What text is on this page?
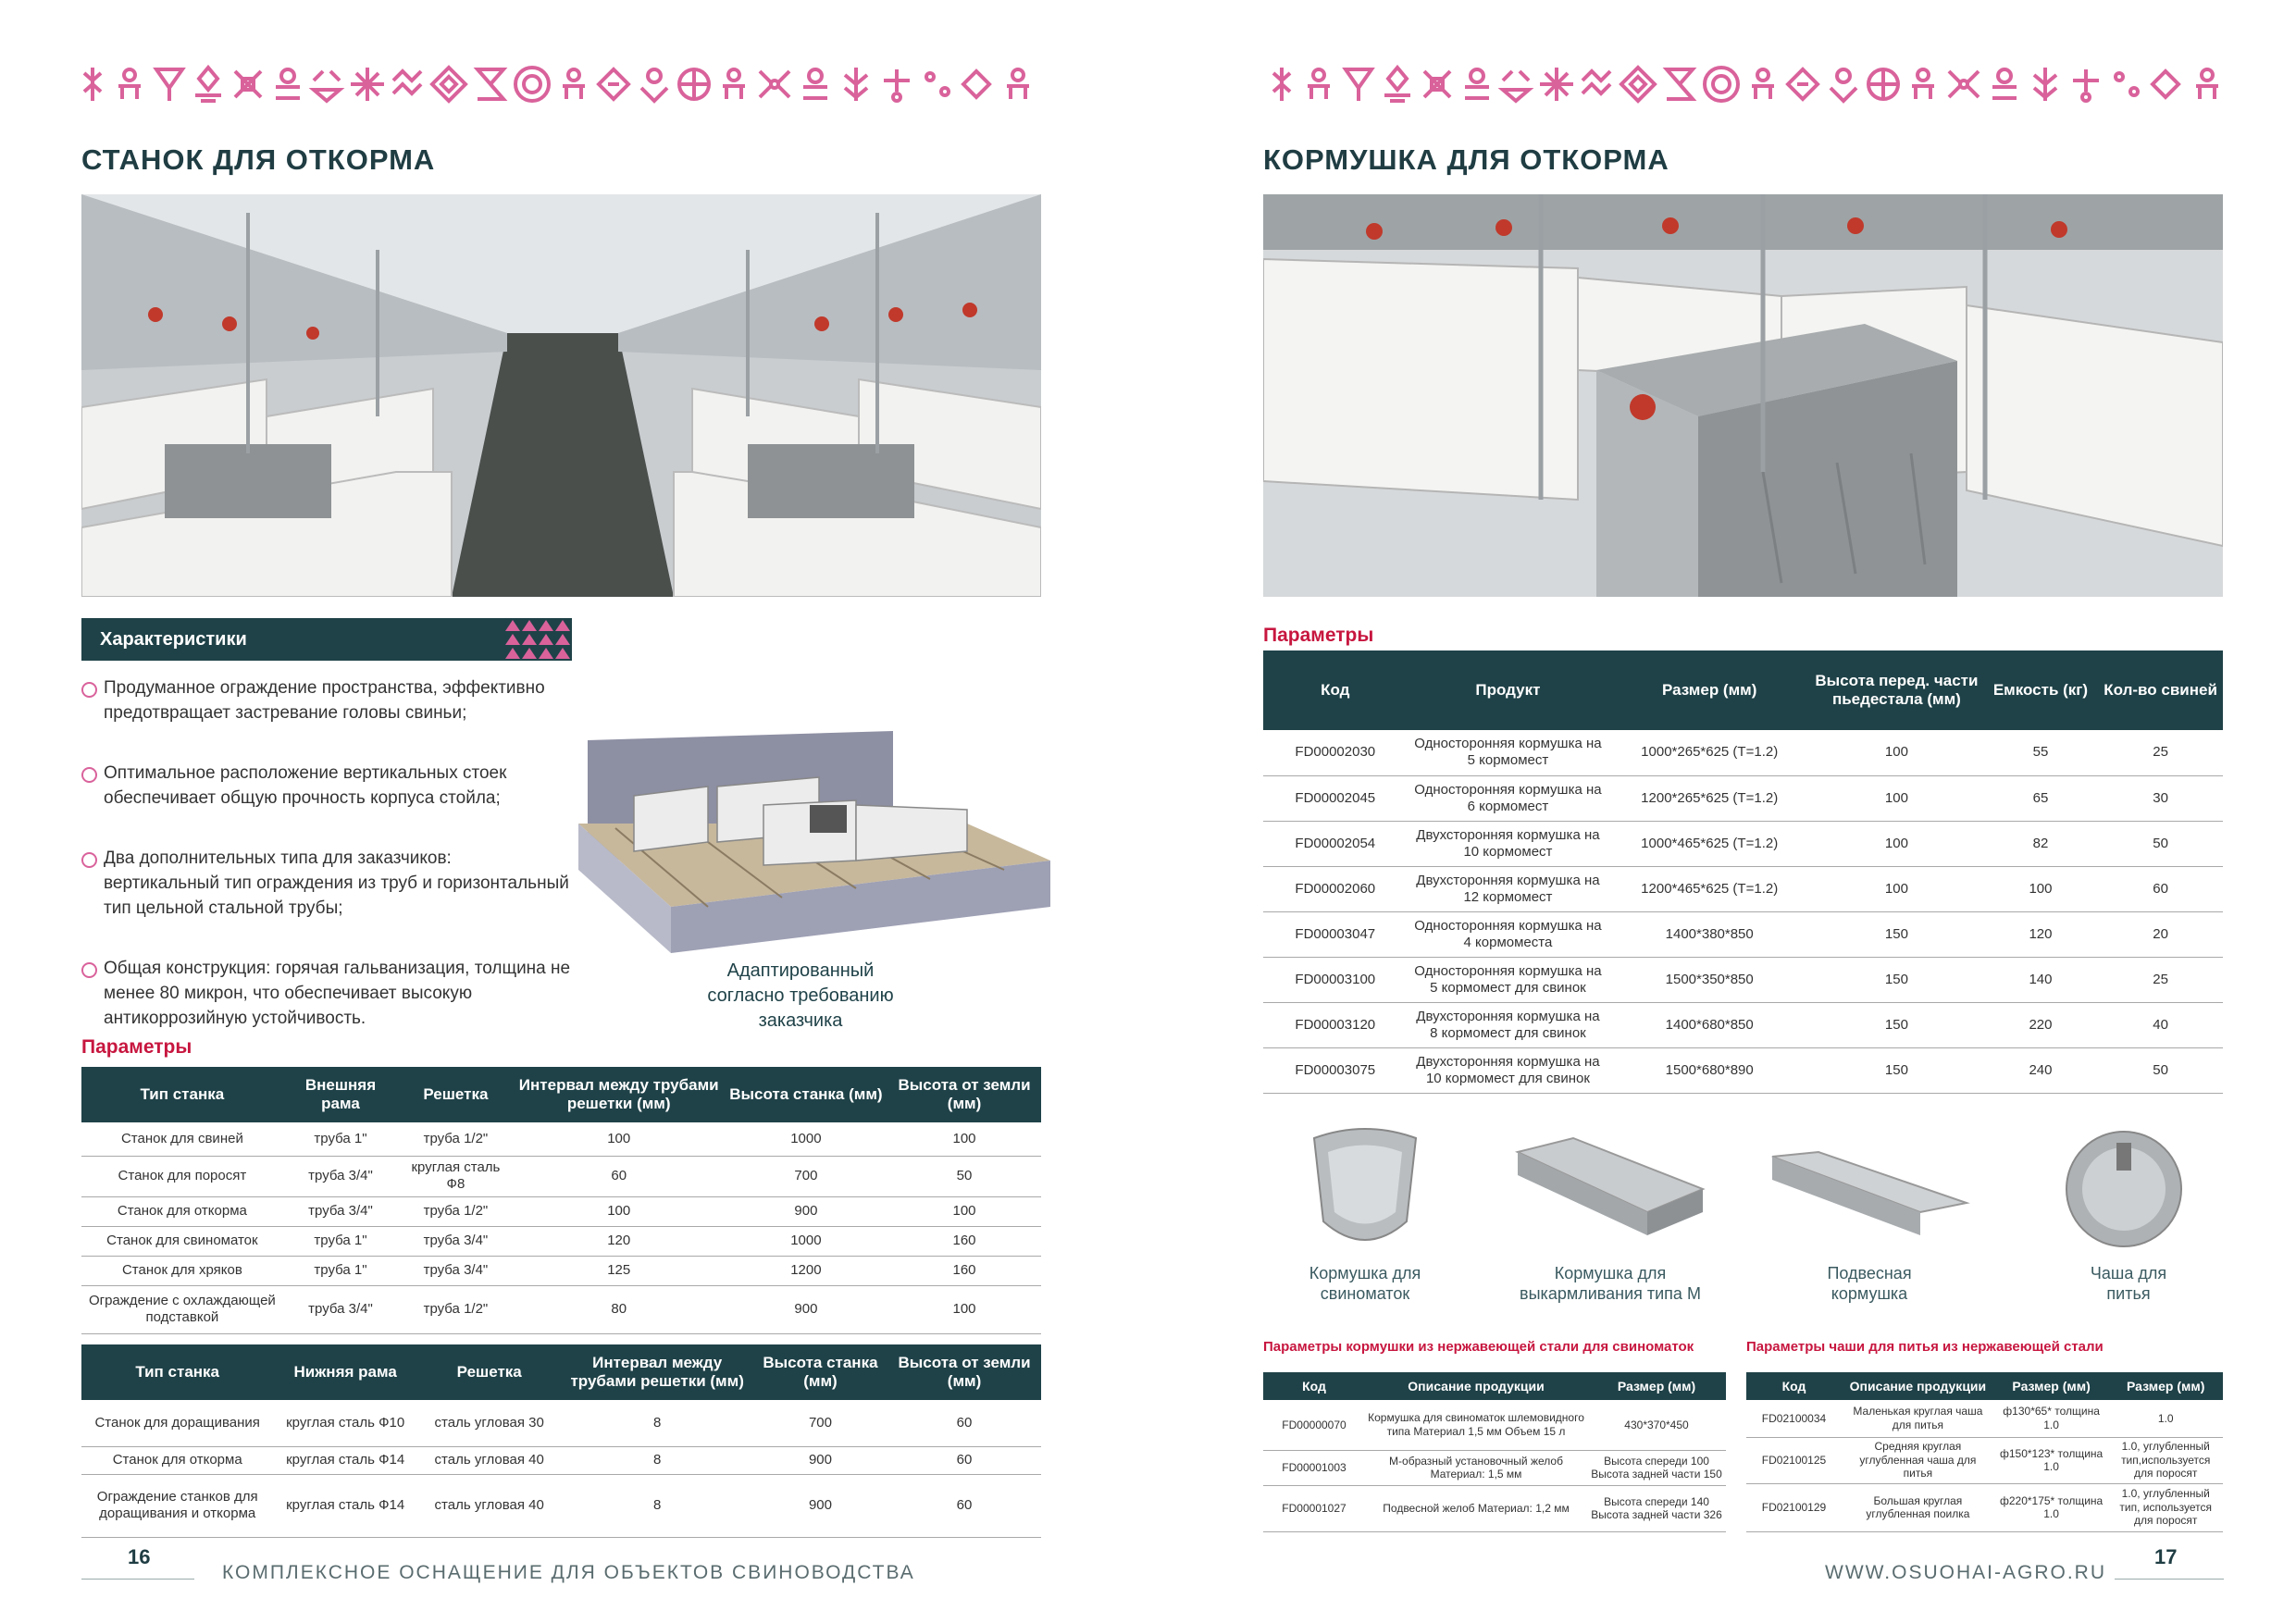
СТАНОК ДЛЯ ОТКОРМА
Характеристики
Продуманное ограждение пространства, эффективно предотвращает застревание головы свиньи;
Оптимальное расположение вертикальных стоек обеспечивает общую прочность корпуса стойла;
Два дополнительных типа для заказчиков: вертикальный тип ограждения из труб и горизонтальный тип цельной стальной трубы;
Общая конструкция: горячая гальванизация, толщина не менее 80 микрон, что обеспечивает высокую антикоррозийную устойчивость.
Адаптированный согласно требованию заказчика
Параметры
Тип станка	Внешняя рама	Решетка	Интервал между трубами решетки (мм)	Высота станка (мм)	Высота от земли (мм)
Станок для свиней	труба 1"	труба 1/2"	100	1000	100
Станок для поросят	труба 3/4"	круглая сталь Ф8	60	700	50
Станок для откорма	труба 3/4"	труба 1/2"	100	900	100
Станок для свиноматок	труба 1"	труба 3/4"	120	1000	160
Станок для хряков	труба 1"	труба 3/4"	125	1200	160
Ограждение с охлаждающей подставкой	труба 3/4"	труба 1/2"	80	900	100
Тип станка	Нижняя рама	Решетка	Интервал между трубами решетки (мм)	Высота станка (мм)	Высота от земли (мм)
Станок для доращивания	круглая сталь Ф10	сталь угловая 30	8	700	60
Станок для откорма	круглая сталь Ф14	сталь угловая 40	8	900	60
Ограждение станков для доращивания и откорма	круглая сталь Ф14	сталь угловая 40	8	900	60
16
КОМПЛЕКСНОЕ ОСНАЩЕНИЕ ДЛЯ ОБЪЕКТОВ СВИНОВОДСТВА
КОРМУШКА ДЛЯ ОТКОРМА
Параметры
Код	Продукт	Размер (мм)	Высота перед. части пьедестала (мм)	Емкость (кг)	Кол-во свиней
FD00002030	Односторонняя кормушка на 5 кормомест	1000*265*625 (T=1.2)	100	55	25
FD00002045	Односторонняя кормушка на 6 кормомест	1200*265*625 (T=1.2)	100	65	30
FD00002054	Двухсторонняя кормушка на 10 кормомест	1000*465*625 (T=1.2)	100	82	50
FD00002060	Двухсторонняя кормушка на 12 кормомест	1200*465*625 (T=1.2)	100	100	60
FD00003047	Односторонняя кормушка на 4 кормоместа	1400*380*850	150	120	20
FD00003100	Односторонняя кормушка на 5 кормомест для свинок	1500*350*850	150	140	25
FD00003120	Двухсторонняя кормушка на 8 кормомест для свинок	1400*680*850	150	220	40
FD00003075	Двухсторонняя кормушка на 10 кормомест для свинок	1500*680*890	150	240	50
Кормушка для свиноматок
Кормушка для выкармливания типа М
Подвесная кормушка
Чаша для питья
Параметры кормушки из нержавеющей стали для свиноматок
Код	Описание продукции	Размер (мм)
FD00000070	Кормушка для свиноматок шлемовидного типа Материал 1,5 мм Объем 15 л	430*370*450
FD00001003	М-образный установочный желоб Материал: 1,5 мм	Высота спереди 100 Высота задней части 150
FD00001027	Подвесной желоб Материал: 1,2 мм	Высота спереди 140 Высота задней части 326
Параметры чаши для питья из нержавеющей стали
Код	Описание продукции	Размер (мм)	Размер (мм)
FD02100034	Маленькая круглая чаша для питья	ф130*65* толщина 1.0	1.0
FD02100125	Средняя круглая углубленная чаша для питья	ф150*123* толщина 1.0	1.0, углубленный тип,используется для поросят
FD02100129	Большая круглая углубленная поилка	ф220*175* толщина 1.0	1.0, углубленный тип, используется для поросят
WWW.OSUOHAI-AGRO.RU
17
